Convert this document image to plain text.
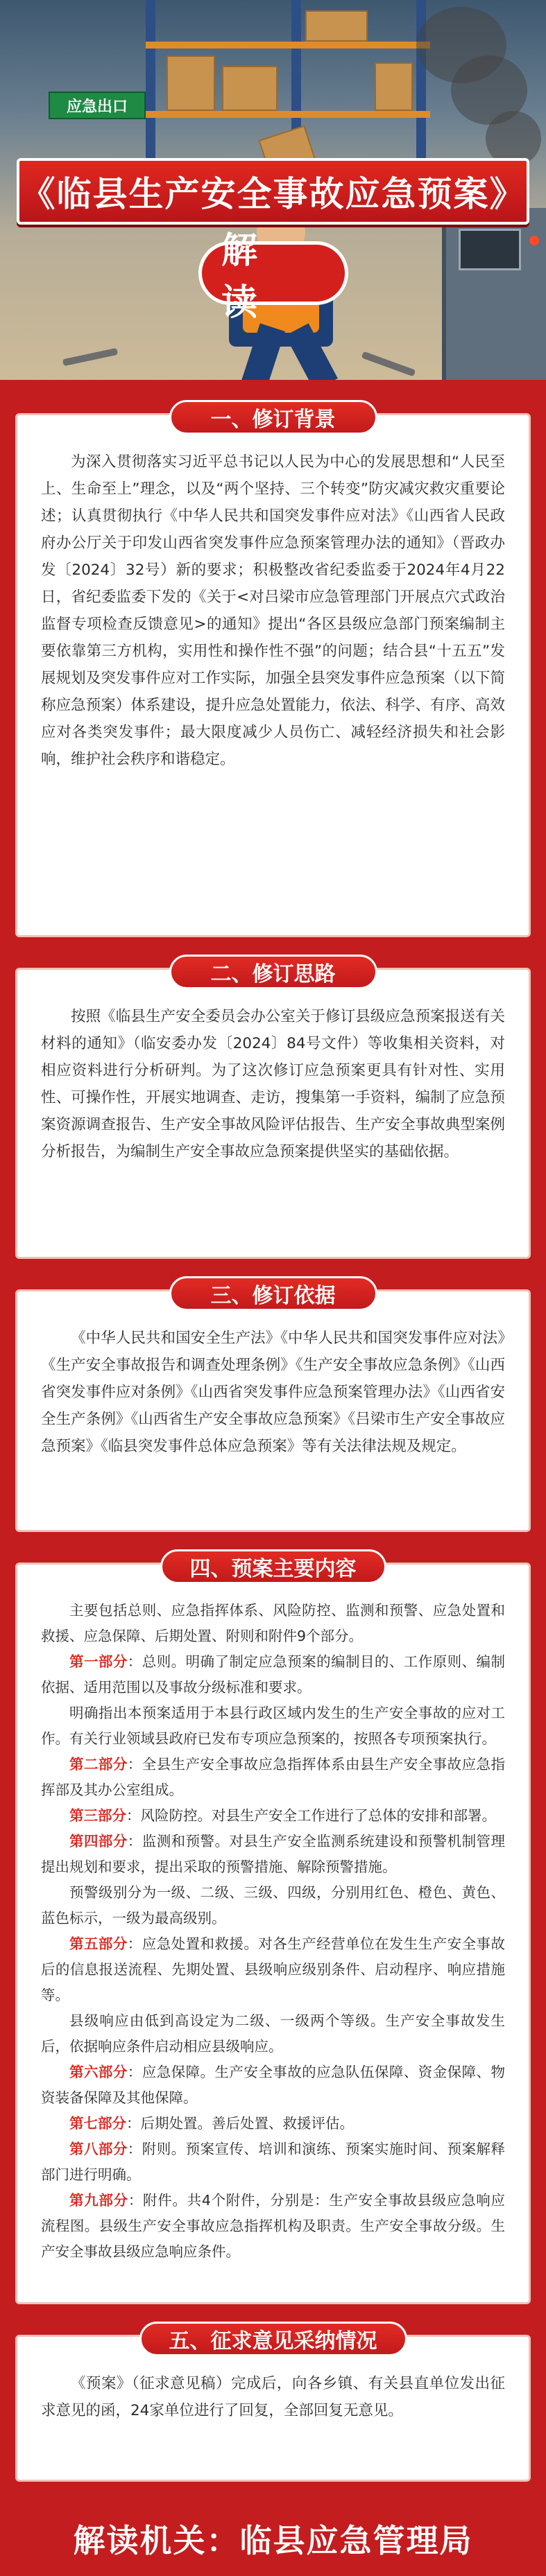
应急出口
《临县生产安全事故应急预案》
解 读
一、修订背景

为深入贯彻落实习近平总书记以人民为中心的发展思想和“人民至上、生命至上”理念，以及“两个坚持、三个转变”防灾减灾救灾重要论述；认真贯彻执行《中华人民共和国突发事件应对法》《山西省人民政府办公厅关于印发山西省突发事件应急预案管理办法的通知》（晋政办发〔2024〕32号）新的要求；积极整改省纪委监委于2024年4月22日，省纪委监委下发的《关于<对吕梁市应急管理部门开展点穴式政治监督专项检查反馈意见>的通知》提出“各区县级应急部门预案编制主要依靠第三方机构，实用性和操作性不强”的问题；结合县“十五五”发展规划及突发事件应对工作实际，加强全县突发事件应急预案（以下简称应急预案）体系建设，提升应急处置能力，依法、科学、有序、高效应对各类突发事件；最大限度减少人员伤亡、减轻经济损失和社会影响，维护社会秩序和谐稳定。

二、修订思路

按照《临县生产安全委员会办公室关于修订县级应急预案报送有关材料的通知》（临安委办发〔2024〕84号文件）等收集相关资料，对相应资料进行分析研判。为了这次修订应急预案更具有针对性、实用性、可操作性，开展实地调查、走访，搜集第一手资料，编制了应急预案资源调查报告、生产安全事故风险评估报告、生产安全事故典型案例分析报告，为编制生产安全事故应急预案提供坚实的基础依据。

三、修订依据

《中华人民共和国安全生产法》《中华人民共和国突发事件应对法》《生产安全事故报告和调查处理条例》《生产安全事故应急条例》《山西省突发事件应对条例》《山西省突发事件应急预案管理办法》《山西省安全生产条例》《山西省生产安全事故应急预案》《吕梁市生产安全事故应急预案》《临县突发事件总体应急预案》等有关法律法规及规定。

四、预案主要内容

主要包括总则、应急指挥体系、风险防控、监测和预警、应急处置和救援、应急保障、后期处置、附则和附件9个部分。

第一部分：总则。明确了制定应急预案的编制目的、工作原则、编制依据、适用范围以及事故分级标准和要求。

明确指出本预案适用于本县行政区域内发生的生产安全事故的应对工作。有关行业领域县政府已发布专项应急预案的，按照各专项预案执行。

第二部分：全县生产安全事故应急指挥体系由县生产安全事故应急指挥部及其办公室组成。

第三部分：风险防控。对县生产安全工作进行了总体的安排和部署。

第四部分：监测和预警。对县生产安全监测系统建设和预警机制管理提出规划和要求，提出采取的预警措施、解除预警措施。

预警级别分为一级、二级、三级、四级，分别用红色、橙色、黄色、蓝色标示，一级为最高级别。

第五部分：应急处置和救援。对各生产经营单位在发生生产安全事故后的信息报送流程、先期处置、县级响应级别条件、启动程序、响应措施等。

县级响应由低到高设定为二级、一级两个等级。生产安全事故发生后，依据响应条件启动相应县级响应。

第六部分：应急保障。生产安全事故的应急队伍保障、资金保障、物资装备保障及其他保障。

第七部分：后期处置。善后处置、救援评估。

第八部分：附则。预案宣传、培训和演练、预案实施时间、预案解释部门进行明确。

第九部分：附件。共4个附件，分别是：生产安全事故县级应急响应流程图。县级生产安全事故应急指挥机构及职责。生产安全事故分级。生产安全事故县级应急响应条件。

五、征求意见采纳情况

《预案》（征求意见稿）完成后，向各乡镇、有关县直单位发出征求意见的函，24家单位进行了回复，全部回复无意见。

解读机关：临县应急管理局
